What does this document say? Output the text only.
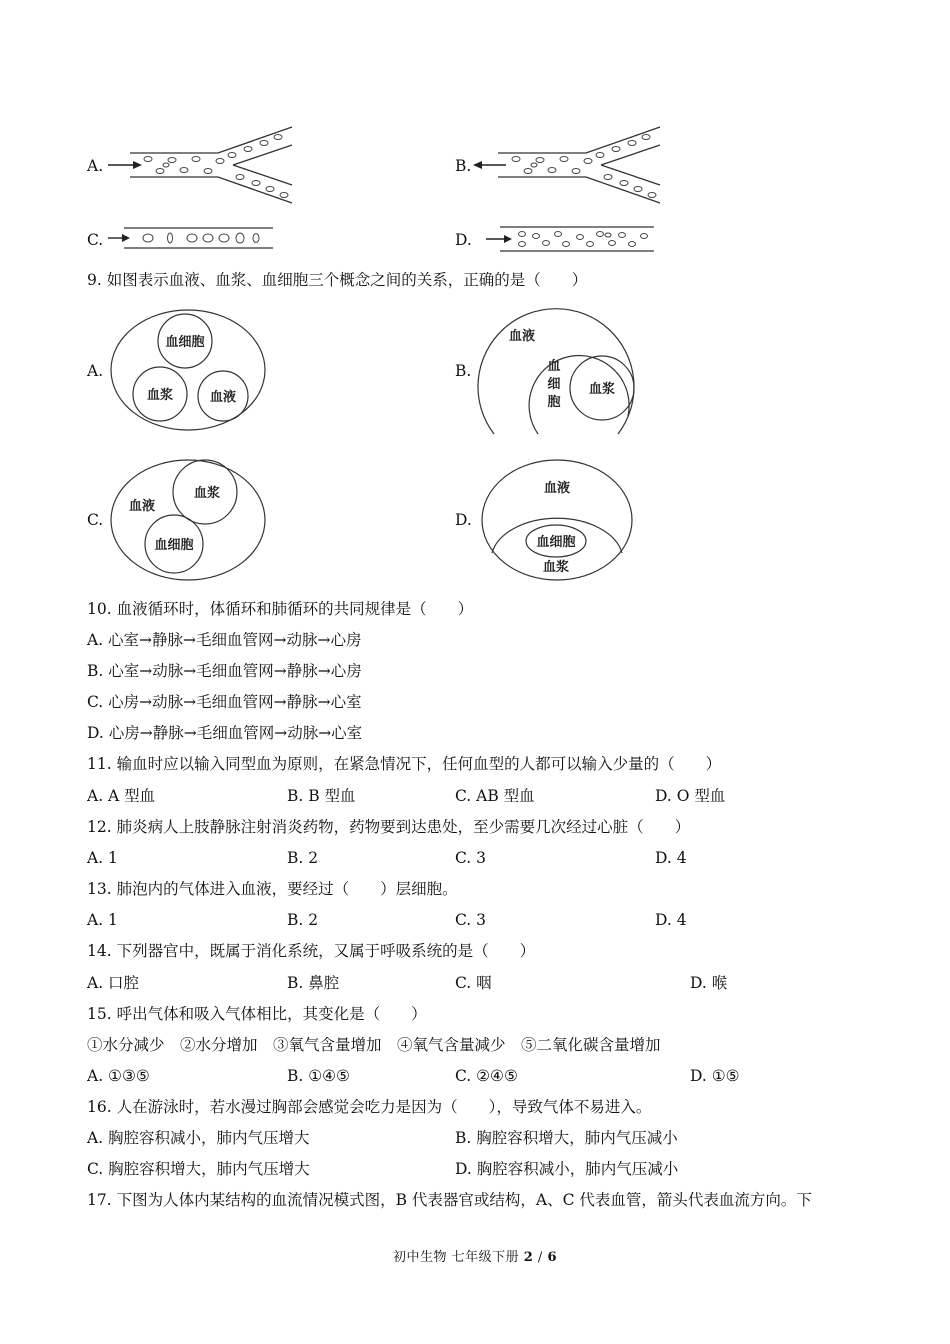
A.	B.
C.	D.
9. 如图表示血液、血浆、血细胞三个概念之间的关系，正确的是（　　）
A.
血细胞
血浆	血液
B.
血液
血
细
胞
血浆
C.
血液
血浆
血细胞
D.
血液
血细胞
血浆
10. 血液循环时，体循环和肺循环的共同规律是（　　）
A. 心室→静脉→毛细血管网→动脉→心房
B. 心室→动脉→毛细血管网→静脉→心房
C. 心房→动脉→毛细血管网→静脉→心室
D. 心房→静脉→毛细血管网→动脉→心室
11. 输血时应以输入同型血为原则，在紧急情况下，任何血型的人都可以输入少量的（　　）
A. A 型血	B. B 型血	C. AB 型血	D. O 型血
12. 肺炎病人上肢静脉注射消炎药物，药物要到达患处，至少需要几次经过心脏（　　）
A. 1	B. 2	C. 3	D. 4
13. 肺泡内的气体进入血液，要经过（　　）层细胞。
A. 1	B. 2	C. 3	D. 4
14. 下列器官中，既属于消化系统，又属于呼吸系统的是（　　）
A. 口腔	B. 鼻腔	C. 咽	D. 喉
15. 呼出气体和吸入气体相比，其变化是（　　）
①水分减少　②水分增加　③氧气含量增加　④氧气含量减少　⑤二氧化碳含量增加
A. ①③⑤	B. ①④⑤	C. ②④⑤	D. ①⑤
16. 人在游泳时，若水漫过胸部会感觉会吃力是因为（　　），导致气体不易进入。
A. 胸腔容积减小，肺内气压增大	B. 胸腔容积增大，肺内气压减小
C. 胸腔容积增大，肺内气压增大	D. 胸腔容积减小，肺内气压减小
17. 下图为人体内某结构的血流情况模式图，B 代表器官或结构，A、C 代表血管，箭头代表血流方向。下
初中生物 七年级下册 2 / 6
